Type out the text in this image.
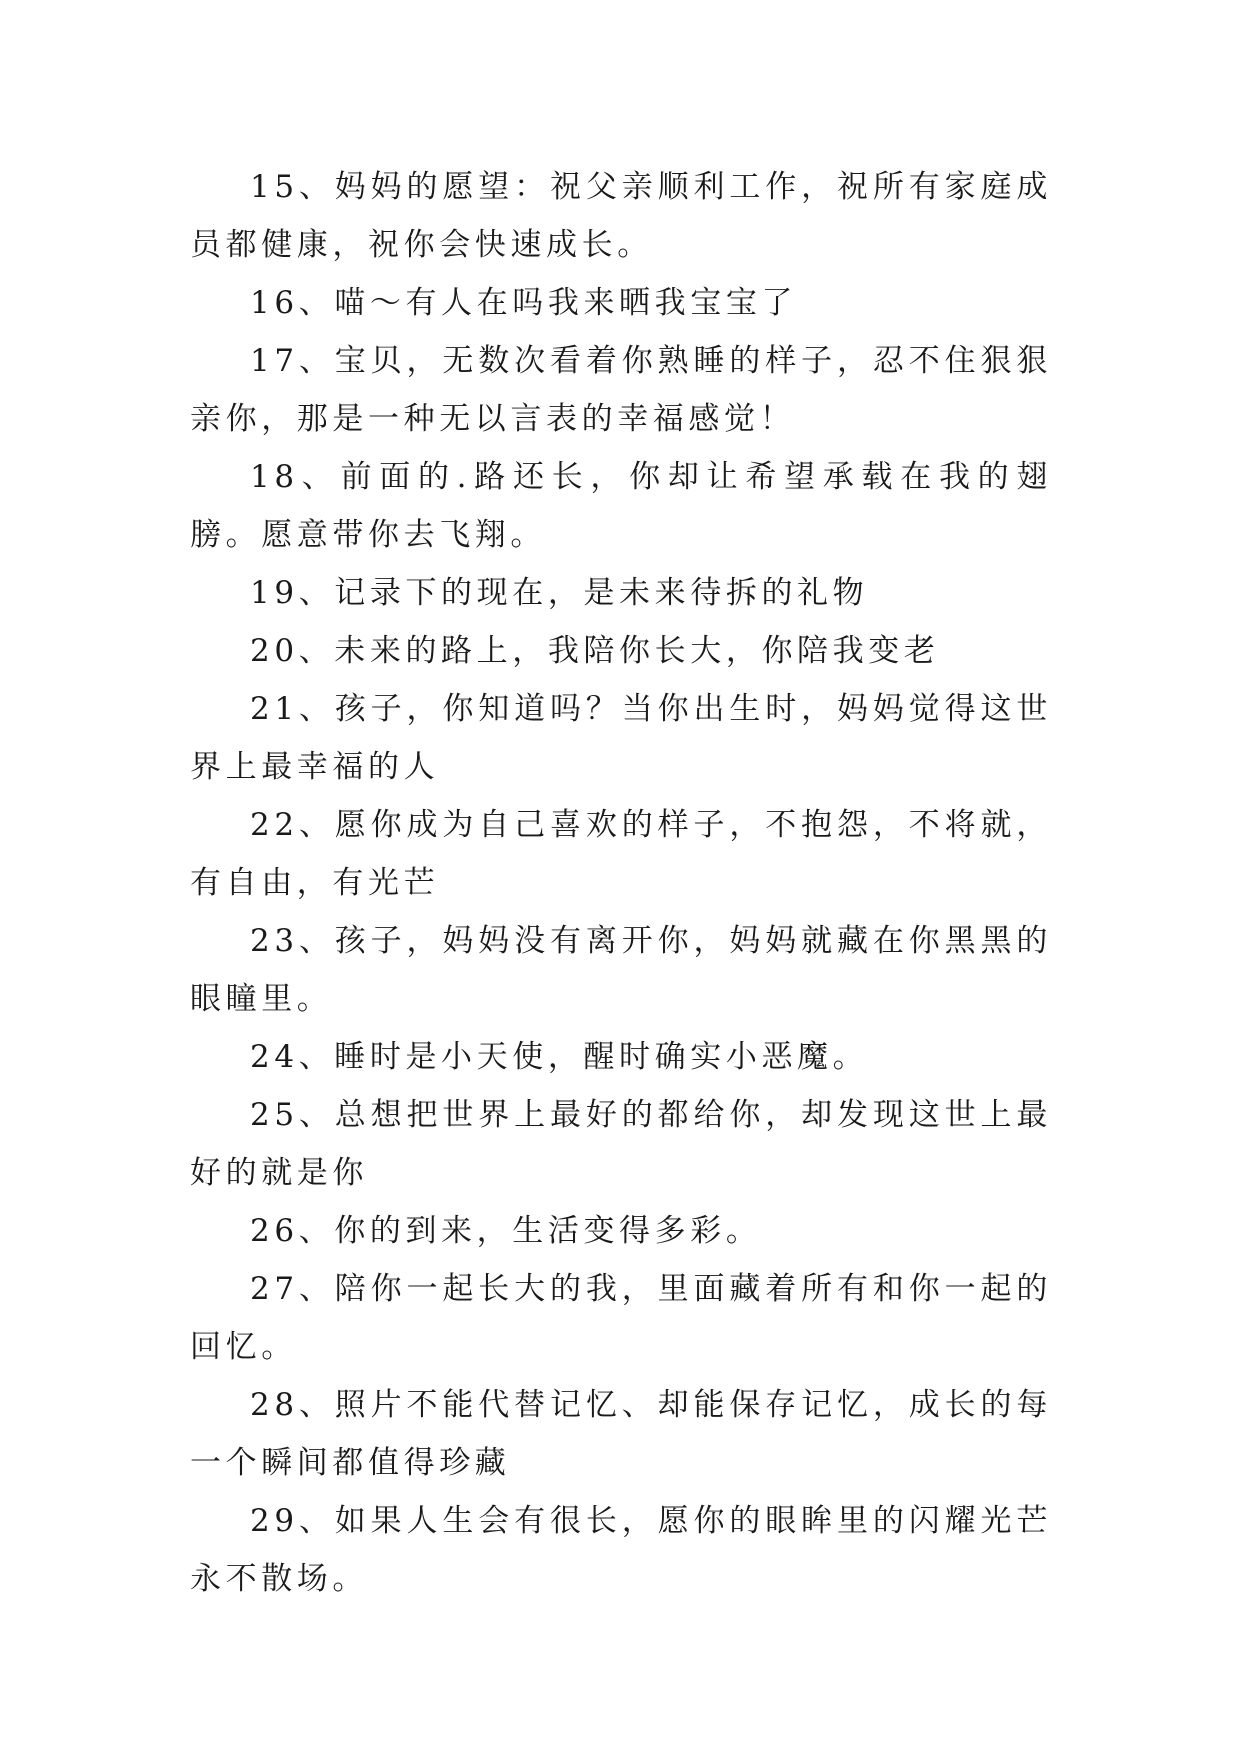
15、妈妈的愿望：祝父亲顺利工作，祝所有家庭成员都健康，祝你会快速成长。

16、喵～有人在吗我来晒我宝宝了

17、宝贝，无数次看着你熟睡的样子，忍不住狠狠亲你，那是一种无以言表的幸福感觉！

18、前面的.路还长，你却让希望承载在我的翅膀。愿意带你去飞翔。

19、记录下的现在，是未来待拆的礼物

20、未来的路上，我陪你长大，你陪我变老

21、孩子，你知道吗？当你出生时，妈妈觉得这世界上最幸福的人

22、愿你成为自己喜欢的样子，不抱怨，不将就，有自由，有光芒

23、孩子，妈妈没有离开你，妈妈就藏在你黑黑的眼瞳里。

24、睡时是小天使，醒时确实小恶魔。

25、总想把世界上最好的都给你，却发现这世上最好的就是你

26、你的到来，生活变得多彩。

27、陪你一起长大的我，里面藏着所有和你一起的回忆。

28、照片不能代替记忆、却能保存记忆，成长的每一个瞬间都值得珍藏

29、如果人生会有很长，愿你的眼眸里的闪耀光芒永不散场。
